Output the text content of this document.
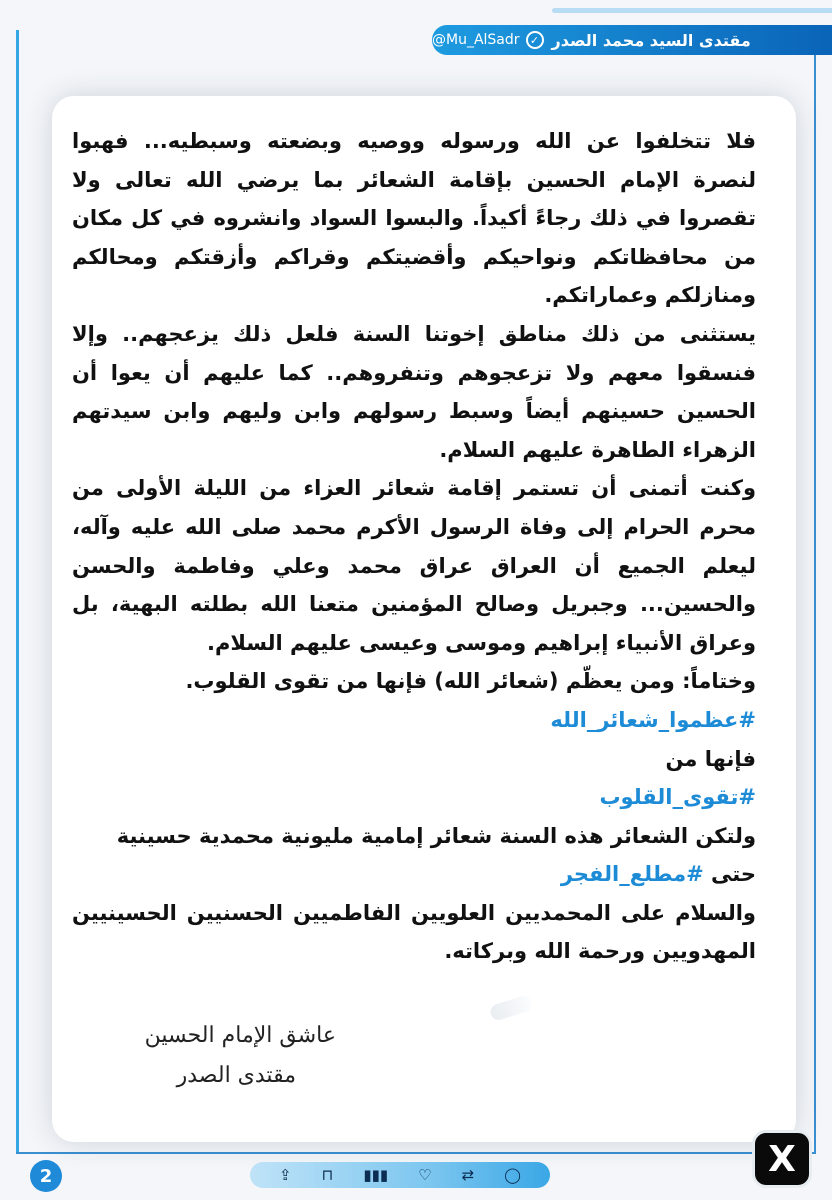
مقتدى السيد محمد الصدر
✓
@Mu_AlSadr

فلا تتخلفوا عن الله ورسوله ووصيه وبضعته وسبطيه... فهبوا لنصرة الإمام الحسين بإقامة الشعائر بما يرضي الله تعالى ولا تقصروا في ذلك رجاءً أكيداً. والبسوا السواد وانشروه في كل مكان من محافظاتكم ونواحيكم وأقضيتكم وقراكم وأزقتكم ومحالكم ومنازلكم وعماراتكم.

يستثنى من ذلك مناطق إخوتنا السنة فلعل ذلك يزعجهم.. وإلا فنسقوا معهم ولا تزعجوهم وتنفروهم.. كما عليهم أن يعوا أن الحسين حسينهم أيضاً وسبط رسولهم وابن وليهم وابن سيدتهم الزهراء الطاهرة عليهم السلام.

وكنت أتمنى أن تستمر إقامة شعائر العزاء من الليلة الأولى من محرم الحرام إلى وفاة الرسول الأكرم محمد صلى الله عليه وآله، ليعلم الجميع أن العراق عراق محمد وعلي وفاطمة والحسن والحسين... وجبريل وصالح المؤمنين متعنا الله بطلته البهية، بل وعراق الأنبياء إبراهيم وموسى وعيسى عليهم السلام.

وختاماً: ومن يعظّم (شعائر الله) فإنها من تقوى القلوب.

#عظموا_شعائر_الله

فإنها من

#تقوى_القلوب

ولتكن الشعائر هذه السنة شعائر إمامية مليونية محمدية حسينية

حتى #مطلع_الفجر

والسلام على المحمديين العلويين الفاطميين الحسنيين الحسينيين المهدويين ورحمة الله وبركاته.

عاشق الإمام الحسين
مقتدى الصدر
2	⇪ ⊓ ▮▮▮ ♡ ⇄ ◯	X
